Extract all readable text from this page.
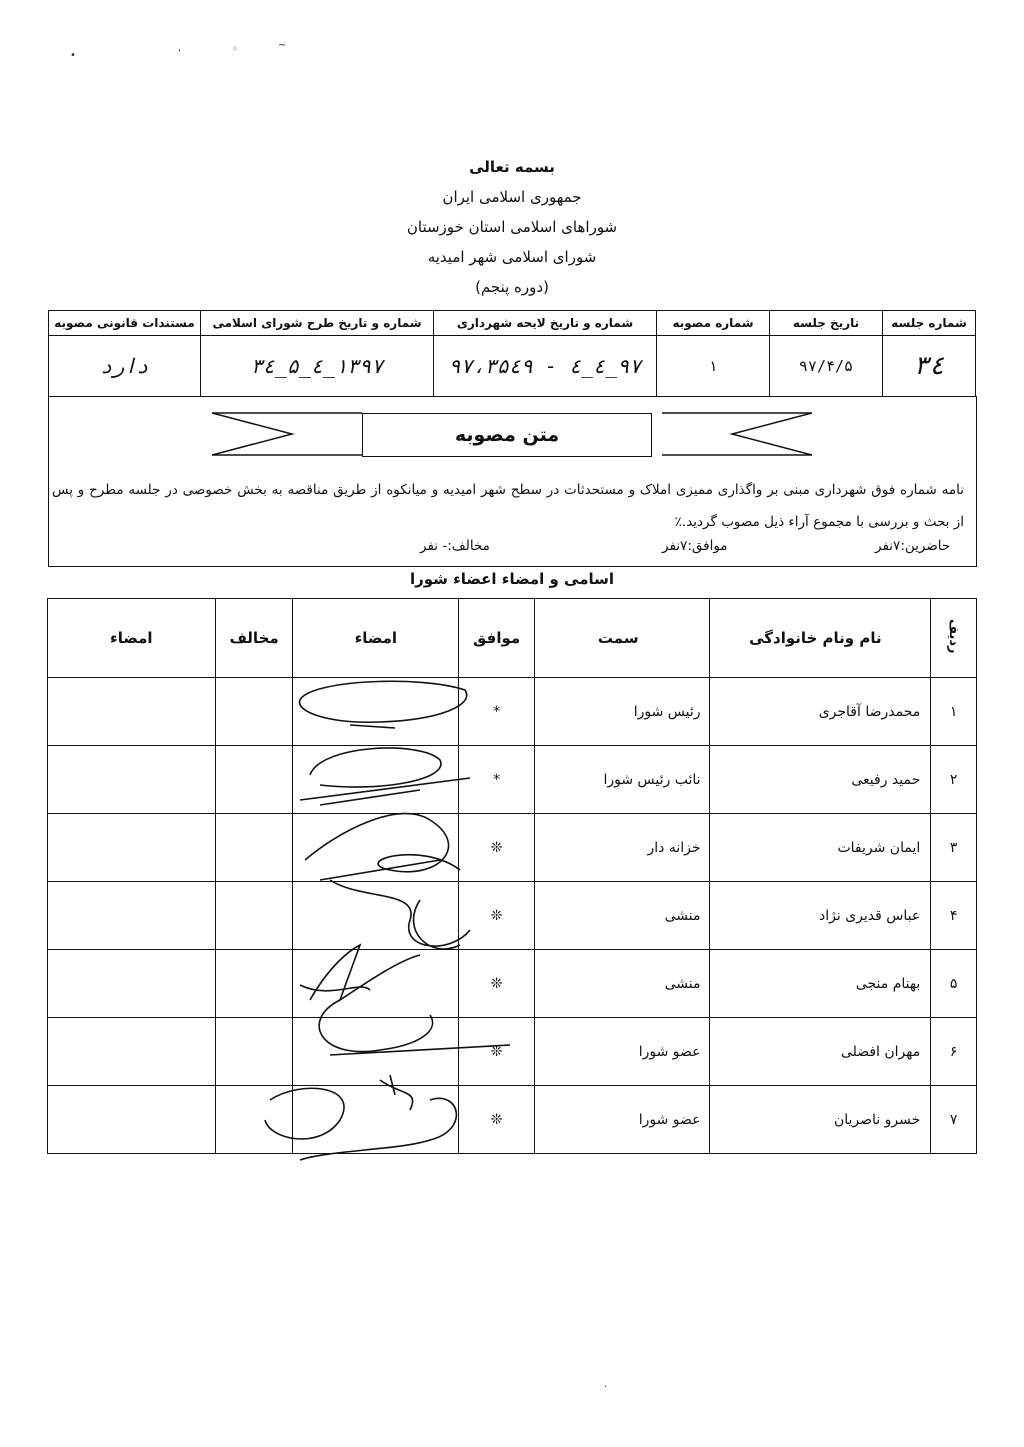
•	'	◦	~
·
بسمه تعالی
جمهوری اسلامی ایران
شوراهای اسلامی استان خوزستان
شورای اسلامی شهر امیدیه
(دوره پنجم)
شماره جلسه	تاریخ جلسه	شماره مصوبه	شماره و تاریخ لایحه شهرداری	شماره و تاریخ طرح شورای اسلامی	مستندات قانونی مصوبه
۳٤	۹۷/۴/۵	۱	۹۷_٤_٤ - ۹۷،۳۵٤۹	۱۳۹۷_٤_۵_۳٤	دارد
متن مصوبه
نامه شماره فوق شهرداری مبنی بر واگذاری ممیزی املاک و مستحدثات در سطح شهر امیدیه و میانکوه از طریق مناقصه به بخش خصوصی در جلسه مطرح و پس از بحث و بررسی با مجموع آراء ذیل مصوب گردید.٪
حاضرین:۷نفر
موافق:۷نفر
مخالف:- نفر
اسامی و امضاء اعضاء شورا
ردیف	نام ونام خانوادگی	سمت	موافق	امضاء	مخالف	امضاء
۱	محمدرضا آقاجری	رئیس شورا	*			
۲	حمید رفیعی	نائب رئیس شورا	*			
۳	ایمان شریفات	خزانه دار	❊			
۴	عباس قدیری نژاد	منشی	❊			
۵	بهنام منجی	منشی	❊			
۶	مهران افضلی	عضو شورا	❊			
۷	خسرو ناصریان	عضو شورا	❊			
